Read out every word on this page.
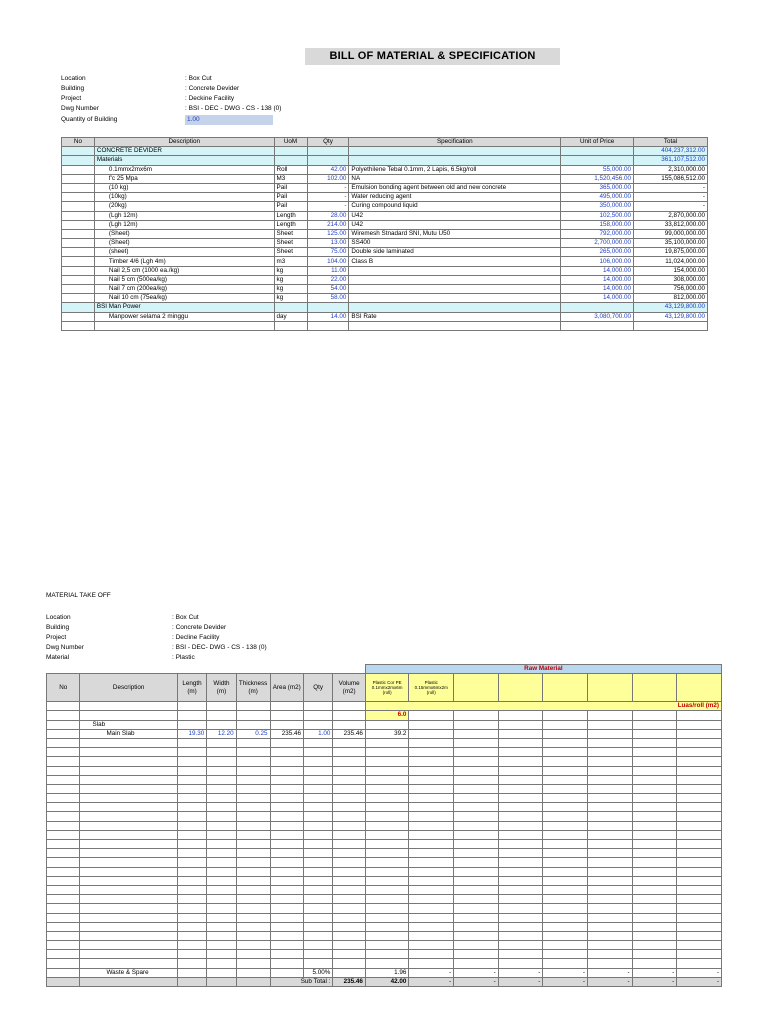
BILL OF MATERIAL & SPECIFICATION
Location	: Box Cut
Building	: Concrete Devider
Project	: Deckine Facility
Dwg Number	: BSI - DEC - DWG - CS - 138 (0)
Quantity of Building	1.00
No	Description	UoM	Qty	Specification	Unit of Price	Total
	CONCRETE DEVIDER					404,237,312.00
	Materials					361,107,512.00
	0.1mmx2mx6m	Roll	42.00	Polyethilene Tebal 0.1mm, 2 Lapis, 6.5kg/roll	55,000.00	2,310,000.00
	f'c 25 Mpa	M3	102.00	NA	1,520,456.00	155,086,512.00
	(10 kg)	Pail	-	Emulsion bonding agent between old and new concrete	365,000.00	-
	(10kg)	Pail	-	Water reducing agent	495,000.00	-
	(20kg)	Pail	-	Curing compound liquid	350,000.00	-
	(Lgh 12m)	Length	28.00	U42	102,500.00	2,870,000.00
	(Lgh 12m)	Length	214.00	U42	158,000.00	33,812,000.00
	(Sheet)	Sheet	125.00	Wiremesh Stnadard SNI, Mutu U50	792,000.00	99,000,000.00
	(Sheet)	Sheet	13.00	SS400	2,700,000.00	35,100,000.00
	(sheet)	Sheet	75.00	Double side laminated	265,000.00	19,875,000.00
	Timber 4/6 (Lgh 4m)	m3	104.00	Class B	106,000.00	11,024,000.00
	Nail 2,5 cm (1000 ea./kg)	kg	11.00		14,000.00	154,000.00
	Nail 5 cm (500ea/kg)	kg	22.00		14,000.00	308,000.00
	Nail 7 cm (200ea/kg)	kg	54.00		14,000.00	756,000.00
	Nail 10 cm (75ea/kg)	kg	58.00		14,000.00	812,000.00
	BSI Man Power					43,129,800.00
	Manpower selama 2 minggu	day	14.00	BSI Rate	3,080,700.00	43,129,800.00

MATERIAL TAKE OFF
Location	: Box Cut
Building	: Concrete Devider
Project	: Decline Facility
Dwg Number	: BSI - DEC- DWG - CS - 138 (0)
Material	: Plastic
								Raw Material							
No	Description	Length (m)	Width (m)	Thickness (m)	Area (m2)	Qty	Volume (m2)	Plastic Cor PE 0.1mmx2mx6m (roll)	Plastic 0.15mmx6mx2m (roll)						
								Luas/roll (m2)							
								6.0							
	Slab														
	Main Slab	19.30	12.20	0.25	235.46	1.00	235.46	39.2							

	Waste & Spare					5.00%		1.96	-	-	-	-	-	-	-
					Sub Total :		235.46	42.00	-	-	-	-	-	-	-
